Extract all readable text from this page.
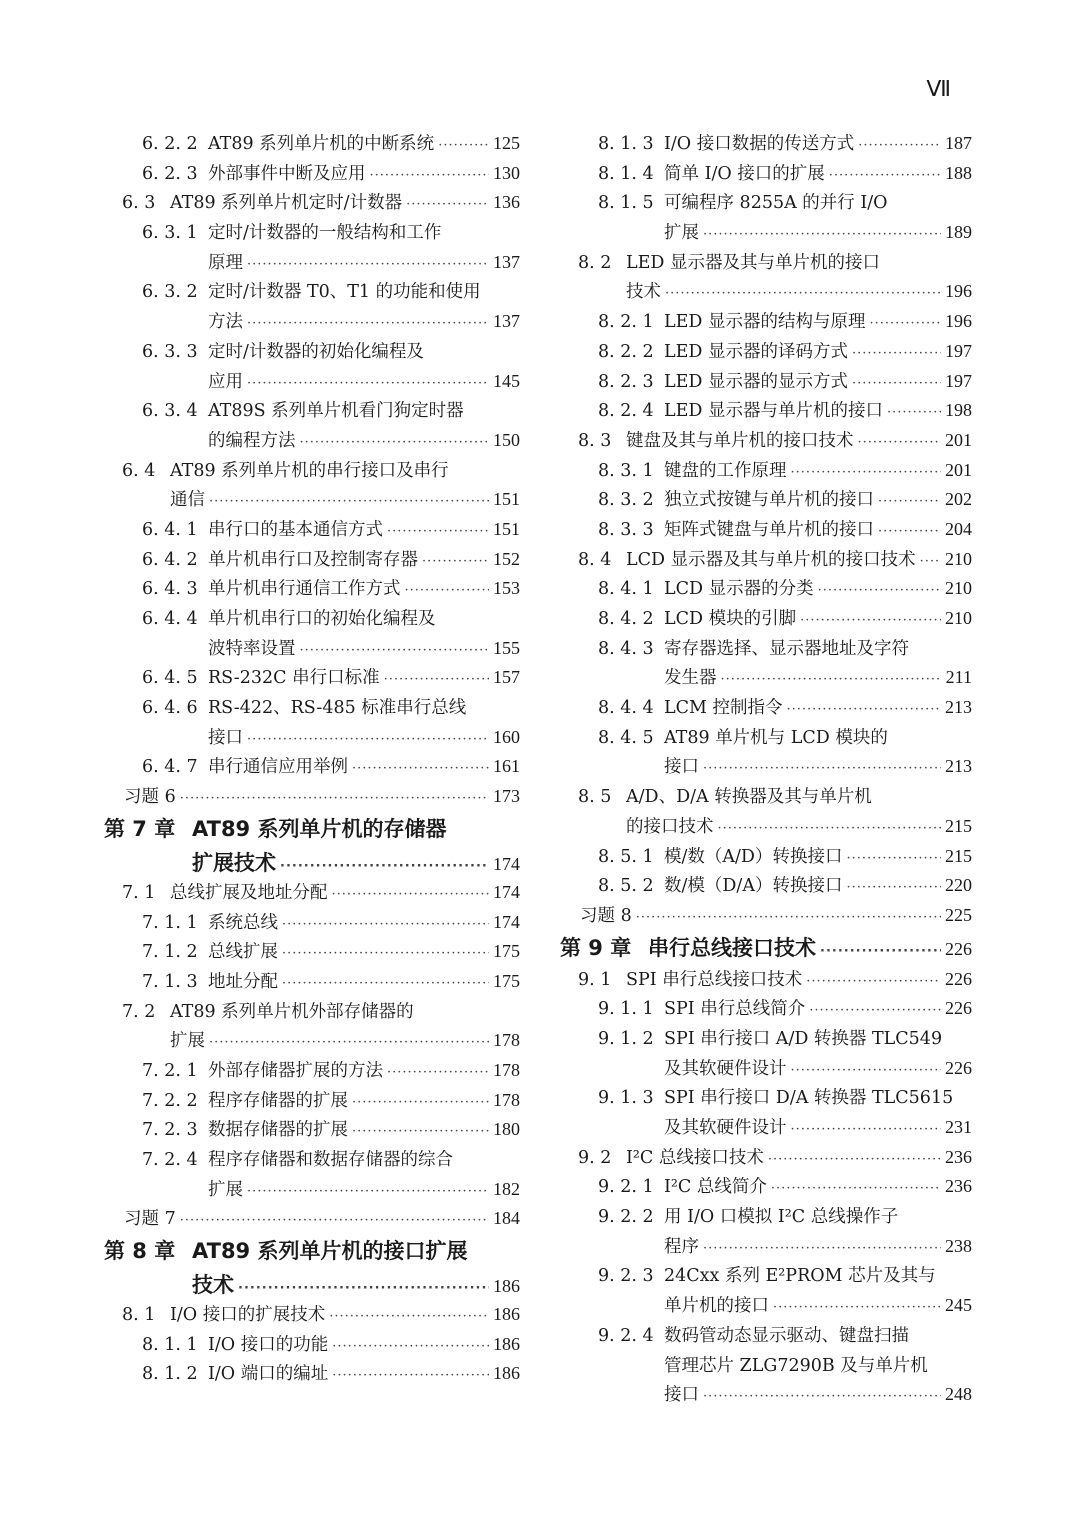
Ⅶ
6. 2. 2 AT89 系列单片机的中断系统 ·····	125
6. 2. 3 外部事件中断及应用 ·····	130
6. 3 AT89 系列单片机定时/计数器 ·····	136
6. 3. 1 定时/计数器的一般结构和工作
原理 ·····	137
6. 3. 2 定时/计数器 T0、T1 的功能和使用
方法 ·····	137
6. 3. 3 定时/计数器的初始化编程及
应用 ·····	145
6. 3. 4 AT89S 系列单片机看门狗定时器
的编程方法 ·····	150
6. 4 AT89 系列单片机的串行接口及串行
通信 ·····	151
6. 4. 1 串行口的基本通信方式 ·····	151
6. 4. 2 单片机串行口及控制寄存器 ·····	152
6. 4. 3 单片机串行通信工作方式 ·····	153
6. 4. 4 单片机串行口的初始化编程及
波特率设置 ·····	155
6. 4. 5 RS-232C 串行口标准 ·····	157
6. 4. 6 RS-422、RS-485 标准串行总线
接口 ·····	160
6. 4. 7 串行通信应用举例 ·····	161
习题 6 ·····	173
第 7 章 AT89 系列单片机的存储器
扩展技术 ·····	174
7. 1 总线扩展及地址分配 ·····	174
7. 1. 1 系统总线 ·····	174
7. 1. 2 总线扩展 ·····	175
7. 1. 3 地址分配 ·····	175
7. 2 AT89 系列单片机外部存储器的
扩展 ·····	178
7. 2. 1 外部存储器扩展的方法 ·····	178
7. 2. 2 程序存储器的扩展 ·····	178
7. 2. 3 数据存储器的扩展 ·····	180
7. 2. 4 程序存储器和数据存储器的综合
扩展 ·····	182
习题 7 ·····	184
第 8 章 AT89 系列单片机的接口扩展
技术 ·····	186
8. 1 I/O 接口的扩展技术 ·····	186
8. 1. 1 I/O 接口的功能 ·····	186
8. 1. 2 I/O 端口的编址 ·····	186
8. 1. 3 I/O 接口数据的传送方式 ·····	187
8. 1. 4 简单 I/O 接口的扩展 ·····	188
8. 1. 5 可编程序 8255A 的并行 I/O
扩展 ·····	189
8. 2 LED 显示器及其与单片机的接口
技术 ·····	196
8. 2. 1 LED 显示器的结构与原理 ·····	196
8. 2. 2 LED 显示器的译码方式 ·····	197
8. 2. 3 LED 显示器的显示方式 ·····	197
8. 2. 4 LED 显示器与单片机的接口 ·····	198
8. 3 键盘及其与单片机的接口技术 ·····	201
8. 3. 1 键盘的工作原理 ·····	201
8. 3. 2 独立式按键与单片机的接口 ·····	202
8. 3. 3 矩阵式键盘与单片机的接口 ·····	204
8. 4 LCD 显示器及其与单片机的接口技术 ····· 210
8. 4. 1 LCD 显示器的分类 ·····	210
8. 4. 2 LCD 模块的引脚 ·····	210
8. 4. 3 寄存器选择、显示器地址及字符
发生器 ·····	211
8. 4. 4 LCM 控制指令 ·····	213
8. 4. 5 AT89 单片机与 LCD 模块的
接口 ·····	213
8. 5 A/D、D/A 转换器及其与单片机
的接口技术 ·····	215
8. 5. 1 模/数（A/D）转换接口 ·····	215
8. 5. 2 数/模（D/A）转换接口 ·····	220
习题 8 ·····	225
第 9 章 串行总线接口技术 ·····	226
9. 1 SPI 串行总线接口技术 ·····	226
9. 1. 1 SPI 串行总线简介 ·····	226
9. 1. 2 SPI 串行接口 A/D 转换器 TLC549
及其软硬件设计 ·····	226
9. 1. 3 SPI 串行接口 D/A 转换器 TLC5615
及其软硬件设计 ·····	231
9. 2 I²C 总线接口技术 ·····	236
9. 2. 1 I²C 总线简介 ·····	236
9. 2. 2 用 I/O 口模拟 I²C 总线操作子
程序 ·····	238
9. 2. 3 24Cxx 系列 E²PROM 芯片及其与
单片机的接口 ·····	245
9. 2. 4 数码管动态显示驱动、键盘扫描
管理芯片 ZLG7290B 及与单片机
接口 ·····	248
